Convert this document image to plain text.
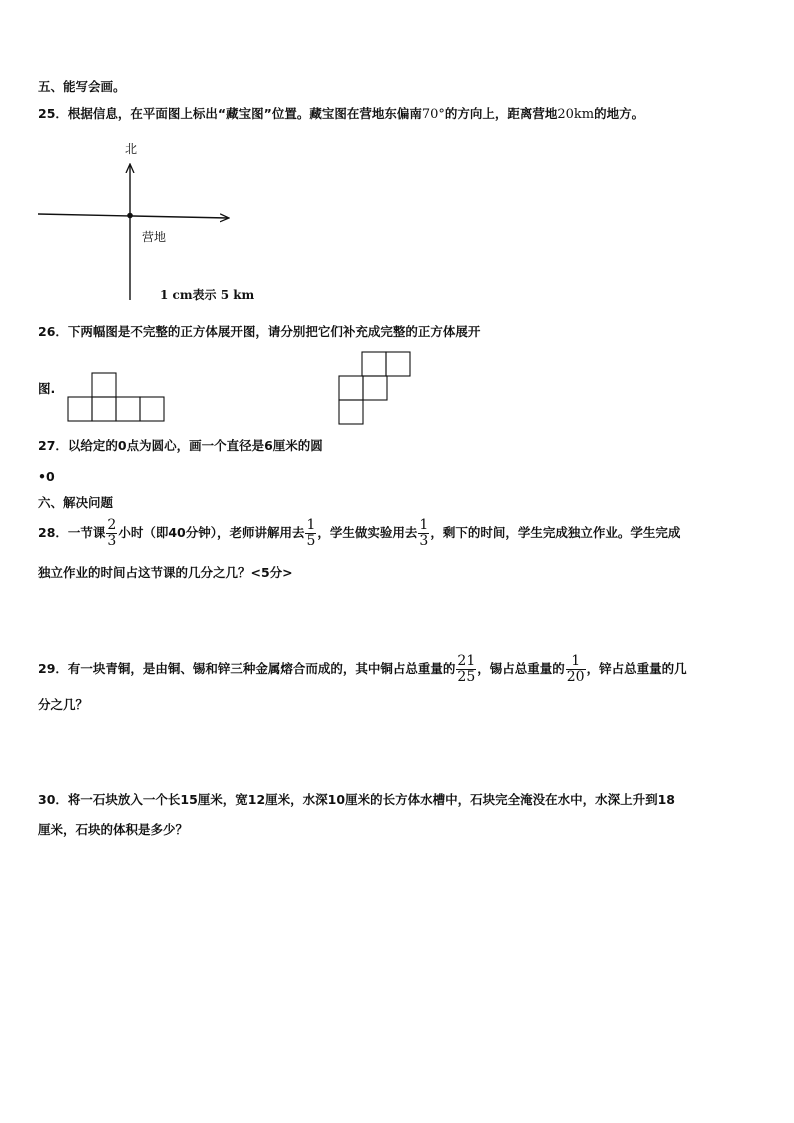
五、能写会画。
25．根据信息，在平面图上标出“藏宝图”位置。藏宝图在营地东偏南70°的方向上，距离营地20km的地方。
北
营地
1 cm表示 5 km
26．下两幅图是不完整的正方体展开图，请分别把它们补充成完整的正方体展开
图.
27．以给定的0点为圆心，画一个直径是6厘米的圆
•0
六、解决问题
28．一节课 $\frac{2}{3}$ 小时（即40分钟），老师讲解用去 $\frac{1}{5}$ ，学生做实验用去 $\frac{1}{3}$ ，剩下的时间，学生完成独立作业。学生完成
独立作业的时间占这节课的几分之几？<5分>
29．有一块青铜，是由铜、锡和锌三种金属熔合而成的，其中铜占总重量的 $\frac{21}{25}$ ，锡占总重量的 $\frac{1}{20}$ ，锌占总重量的几
分之几？
30．将一石块放入一个长15厘米，宽12厘米，水深10厘米的长方体水槽中，石块完全淹没在水中，水深上升到18
厘米，石块的体积是多少？
